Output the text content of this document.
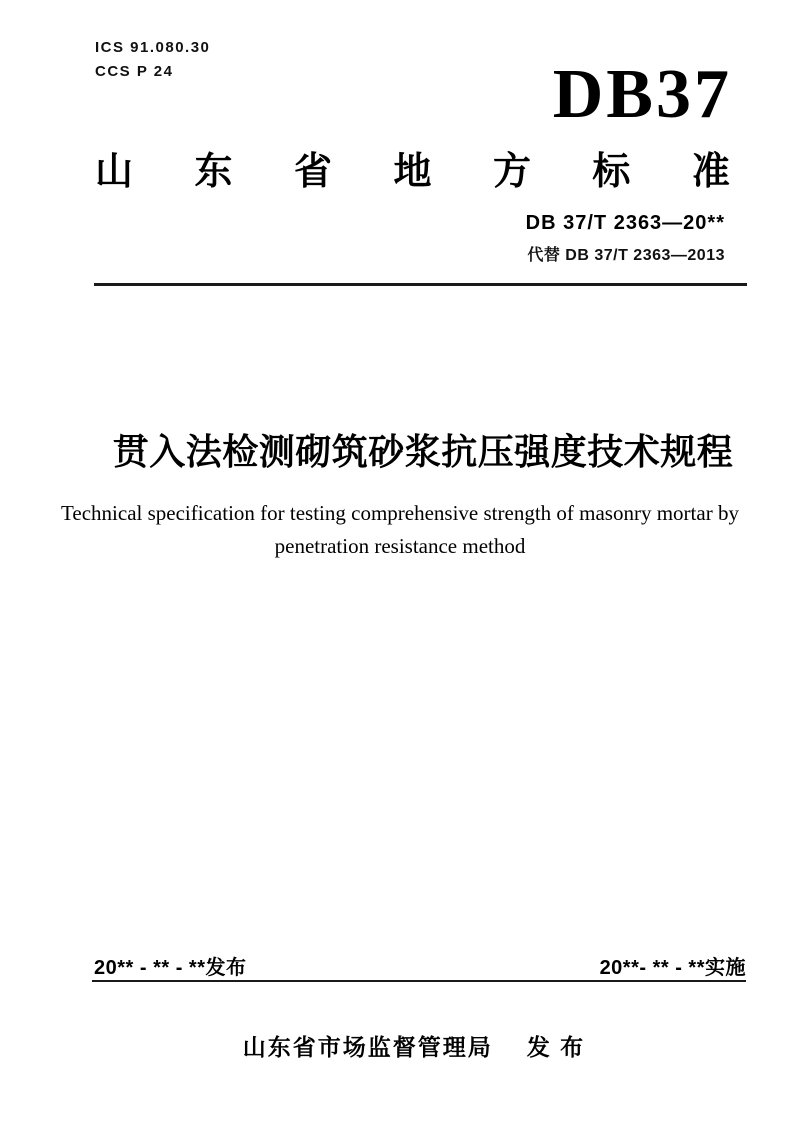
ICS 91.080.30
CCS P 24	DB37
山 东 省 地 方 标 准
DB 37/T 2363—20**
代替 DB 37/T 2363—2013
贯入法检测砌筑砂浆抗压强度技术规程
Technical specification for testing comprehensive strength of masonry mortar by
penetration resistance method
20** - ** - **发布	20**- ** - **实施
山东省市场监督管理局 发 布
